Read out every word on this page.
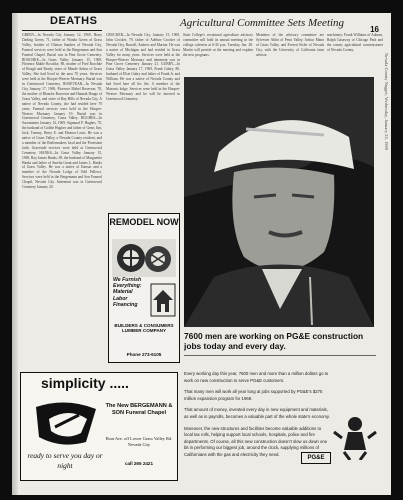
Nevada County Nugget, Wednesday, January 22, 1969
16
DEATHS
GREEN—In Nevada City January 12, 1969, Harry Darling Green, 71, father of Wanda Green of Grass Valley, brother of Clinton Sanders of Nevada City, Funeral services were held at the Bergemann and Son Funeral Chapel. Burial was in Pine Grove Cemetery. ROSCHKE—In Grass Valley January 15, 1969, Florence Mable Roschke, 80, mother of Fred Roschke of Rough and Ready, sister of Maude Arthur of Grass Valley. She had lived in the area 70 years. Services were held at the Hooper-Weaver Mortuary. Burial was in Greenwood Cemetery. ROSEVEAR—In Nevada City January 17, 1969, Florence Mabel Rosevear, 78, the mother of Blanche Rosevear and Hannah Hauge of Grass Valley, and sister of Ray Hills of Nevada City. A native of Nevada County, she had resided here 70 years. Funeral services were held in the Hooper-Weaver Mortuary January 19. Burial was in Greenwood Cemetery, Grass Valley. HUGHES—In Sacramento January 14, 1969, Sigmund P. Hughes, 70, the husband of Goldie Hughes and father of Gene, Jim, Jack, Tommy, Harry E. and Eleanor Louis. He was a native of Grass Valley, a Nevada County resident, and a member of the Boilermakers local and the Protestant faith. Graveside services were held at Greenwood Cemetery. HANKS—In Grass Valley January 15, 1969, Roy James Hanks, 69, the husband of Marguerite Hanks and father of Amelia Grant and James L. Hanks of Grass Valley. He was a native of Kansas and a member of the Nevada Lodge of Odd Fellows. Services were held in the Bergemann and Son Funeral Chapel, Nevada City. Interment was in Greenwood Cemetery January 20.
CROCKER—In Nevada City, January 15, 1969, John Crocker, 79, father of Adeline Crocker of Nevada City, Russell, Andrew and Marion. He was a native of Michigan and had resided in Grass Valley for many years. Services were held at the Hooper-Weaver Mortuary and interment was in Pine Grove Cemetery January 21. GUBRY—In Grass Valley January 17, 1969, Frank Gubry, 80, husband of Elsie Gubry and father of Frank Jr. and William. He was a native of Nevada County and had lived here all his life. A member of the Masonic lodge. Services were held in the Hooper-Weaver Mortuary and he will be interred in Greenwood Cemetery.
Agricultural Committee Sets Meeting
State College's vocational agriculture advisory committee will hold its annual meeting in the college cafeteria at 6:30 p.m. Tuesday, Jan. 28. Martin will preside at the meeting and explain the new programs.
Members of the advisory committee are Sylvester Ahlin of Penn Valley, Arthur Mann of Grass Valley, and Everett Sisler of Nevada City, with the University of California farm advisor.
machinery: Frank Williams of Auburn, Ralph Gasaway of Chicago Park and the county agricultural commissioner of Nevada County.
REMODEL NOW
We Furnish Everything: Material Labor Financing
BUILDERS & CONSUMERS LUMBER COMPANY
Phone 273-6105
simplicity .....
The New BERGEMANN & SON Funeral Chapel
Boat Ave. off Lower Grass Valley Rd. Nevada City
call 265 2421
ready to serve you day or night
7600 men are working on PG&E construction jobs today and every day.

Every working day this year, 7600 men and more than a million dollars go to work on new construction to serve PG&E customers.

That many men will work all year long at jobs supported by PG&E's $275 million expansion program for 1969.

That amount of money, invested every day in new equipment and materials, as well as in payrolls, becomes a valuable part of the whole state's economy.

Moreover, the new structures and facilities become valuable additions to local tax rolls, helping support local schools, hospitals, police and fire departments. Of course, all this new construction doesn't slow us down one bit in performing our biggest job, around the clock, supplying millions of Californians with the gas and electricity they need.

PG&E
